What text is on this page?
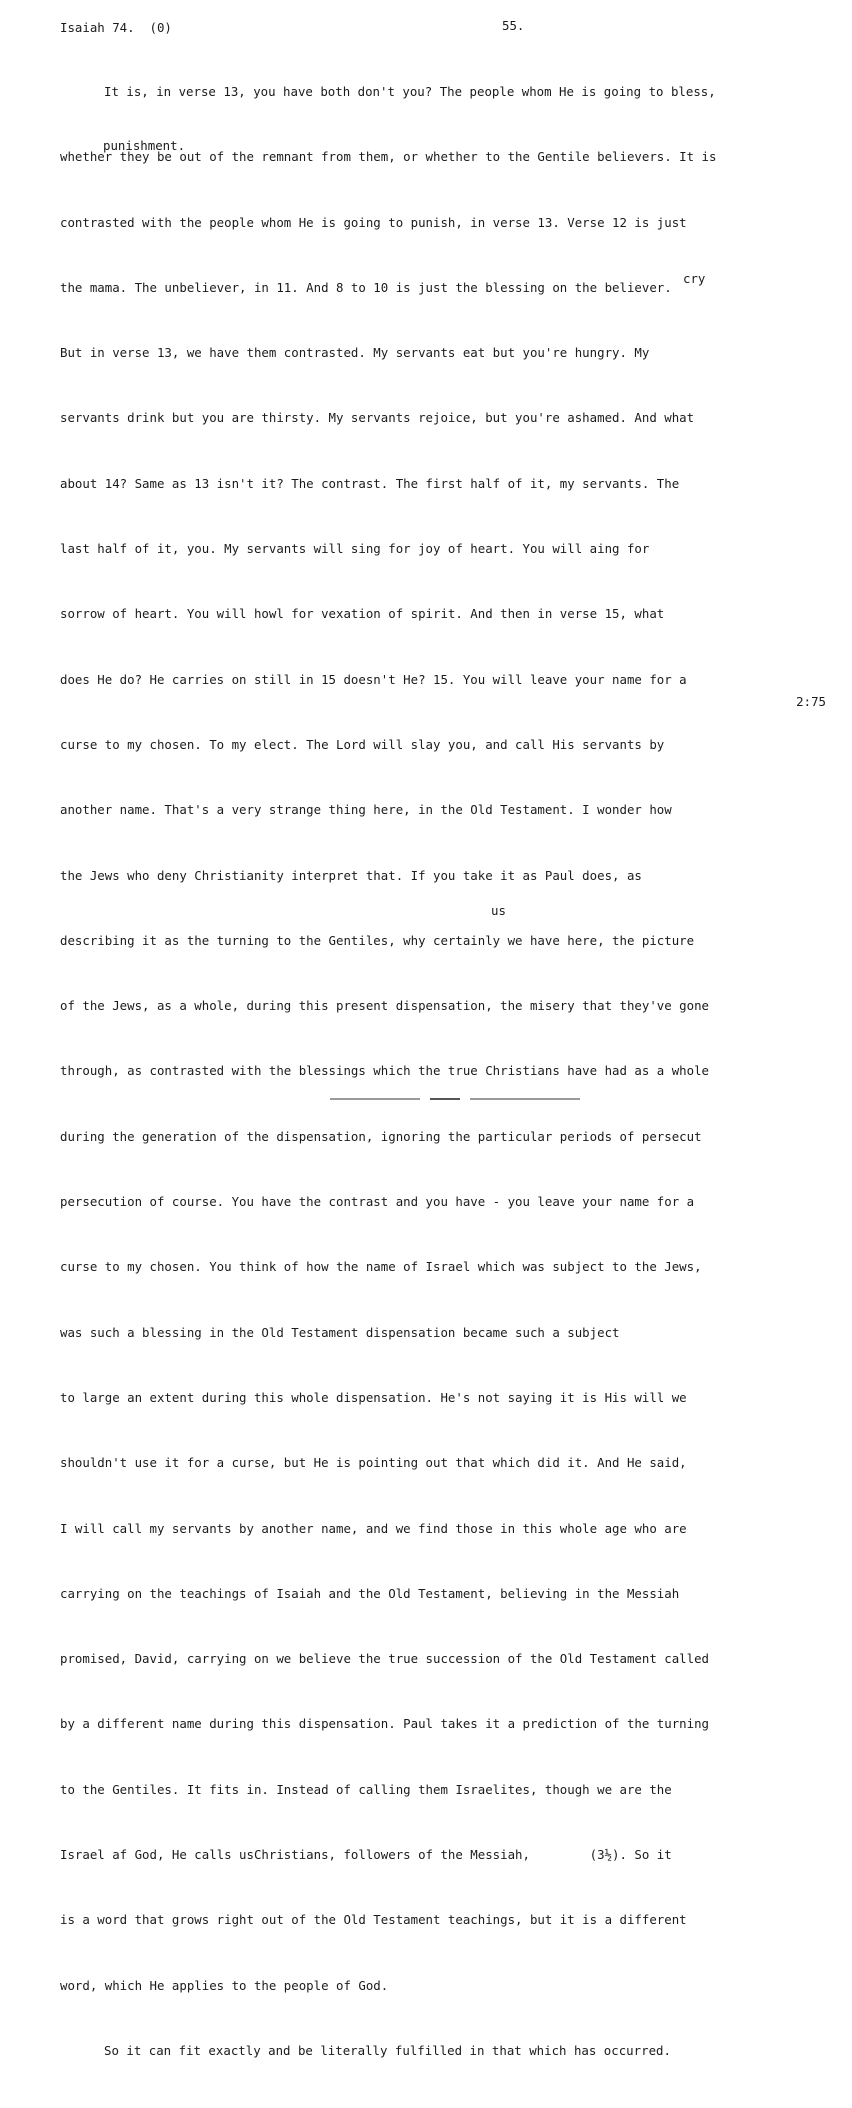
Isaiah 74.  (0)	55.
punishment.
cry
us
2:75

It is, in verse 13, you have both don't you? The people whom He is going to bless,

whether they be out of the remnant from them, or whether to the Gentile believers. It is

contrasted with the people whom He is going to punish, in verse 13. Verse 12 is just

the mama. The unbeliever, in 11. And 8 to 10 is just the blessing on the believer.

But in verse 13, we have them contrasted. My servants eat but you're hungry. My

servants drink but you are thirsty. My servants rejoice, but you're ashamed. And what

about 14? Same as 13 isn't it? The contrast. The first half of it, my servants. The

last half of it, you. My servants will sing for joy of heart. You will aing for

sorrow of heart. You will howl for vexation of spirit. And then in verse 15, what

does He do? He carries on still in 15 doesn't He? 15. You will leave your name for a

curse to my chosen. To my elect. The Lord will slay you, and call His servants by

another name. That's a very strange thing here, in the Old Testament. I wonder how

the Jews who deny Christianity interpret that. If you take it as Paul does, as

describing it as the turning to the Gentiles, why certainly we have here, the picture

of the Jews, as a whole, during this present dispensation, the misery that they've gone

through, as contrasted with the blessings which the true Christians have had as a whole

during the generation of the dispensation, ignoring the particular periods of persecut

persecution of course. You have the contrast and you have - you leave your name for a

curse to my chosen. You think of how the name of Israel which was subject to the Jews,

was such a blessing in the Old Testament dispensation became such a subject

to large an extent during this whole dispensation. He's not saying it is His will we

shouldn't use it for a curse, but He is pointing out that which did it. And He said,

I will call my servants by another name, and we find those in this whole age who are

carrying on the teachings of Isaiah and the Old Testament, believing in the Messiah

promised, David, carrying on we believe the true succession of the Old Testament called

by a different name during this dispensation. Paul takes it a prediction of the turning

to the Gentiles. It fits in. Instead of calling them Israelites, though we are the

Israel af God, He calls usChristians, followers of the Messiah,        (3½). So it

is a word that grows right out of the Old Testament teachings, but it is a different

word, which He applies to the people of God.

So it can fit exactly and be literally fulfilled in that which has occurred.
